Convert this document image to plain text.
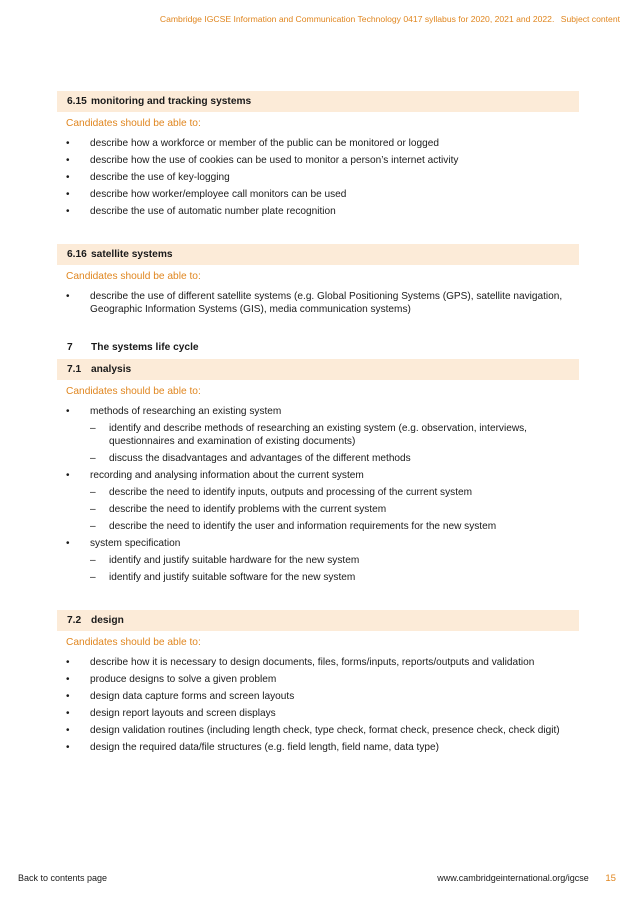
Cambridge IGCSE Information and Communication Technology 0417 syllabus for 2020, 2021 and 2022. Subject content
6.15 monitoring and tracking systems
Candidates should be able to:
• describe how a workforce or member of the public can be monitored or logged
• describe how the use of cookies can be used to monitor a person’s internet activity
• describe the use of key-logging
• describe how worker/employee call monitors can be used
• describe the use of automatic number plate recognition
6.16 satellite systems
Candidates should be able to:
• describe the use of different satellite systems (e.g. Global Positioning Systems (GPS), satellite navigation, Geographic Information Systems (GIS), media communication systems)
7 The systems life cycle
7.1 analysis
Candidates should be able to:
• methods of researching an existing system
– identify and describe methods of researching an existing system (e.g. observation, interviews, questionnaires and examination of existing documents)
– discuss the disadvantages and advantages of the different methods
• recording and analysing information about the current system
– describe the need to identify inputs, outputs and processing of the current system
– describe the need to identify problems with the current system
– describe the need to identify the user and information requirements for the new system
• system specification
– identify and justify suitable hardware for the new system
– identify and justify suitable software for the new system
7.2 design
Candidates should be able to:
• describe how it is necessary to design documents, files, forms/inputs, reports/outputs and validation
• produce designs to solve a given problem
• design data capture forms and screen layouts
• design report layouts and screen displays
• design validation routines (including length check, type check, format check, presence check, check digit)
• design the required data/file structures (e.g. field length, field name, data type)
Back to contents page	www.cambridgeinternational.org/igcse 15
